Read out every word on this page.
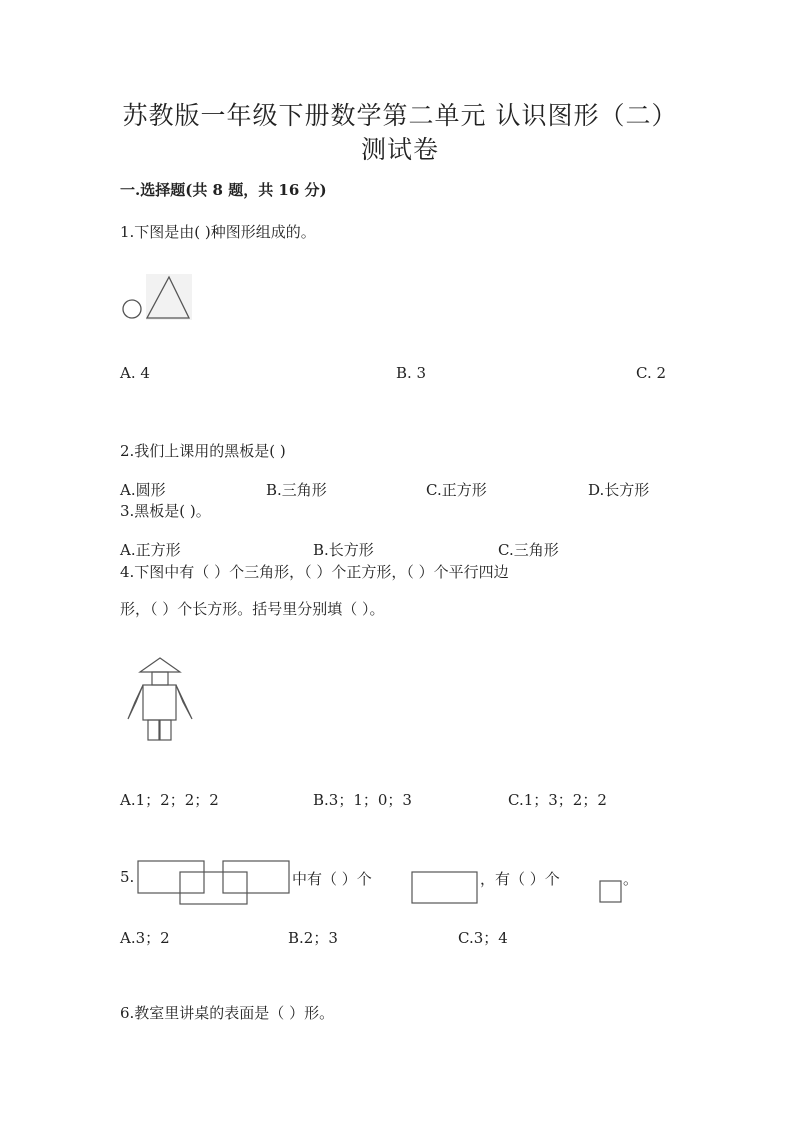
苏教版一年级下册数学第二单元 认识图形（二）
测试卷
一.选择题(共 8 题，共 16 分)
1.下图是由( )种图形组成的。
A. 4	B. 3	C. 2
2.我们上课用的黑板是( )
A.圆形	B.三角形	C.正方形	D.长方形
3.黑板是( )。
A.正方形	B.长方形	C.三角形
4.下图中有（ ）个三角形，（ ）个正方形，（ ）个平行四边
形，（ ）个长方形。括号里分别填（ ）。
A.1；2；2；2	B.3；1；0；3	C.1；3；2；2
5.	中有（ ）个	，有（ ）个	。
A.3；2	B.2；3	C.3；4
6.教室里讲桌的表面是（ ）形。
